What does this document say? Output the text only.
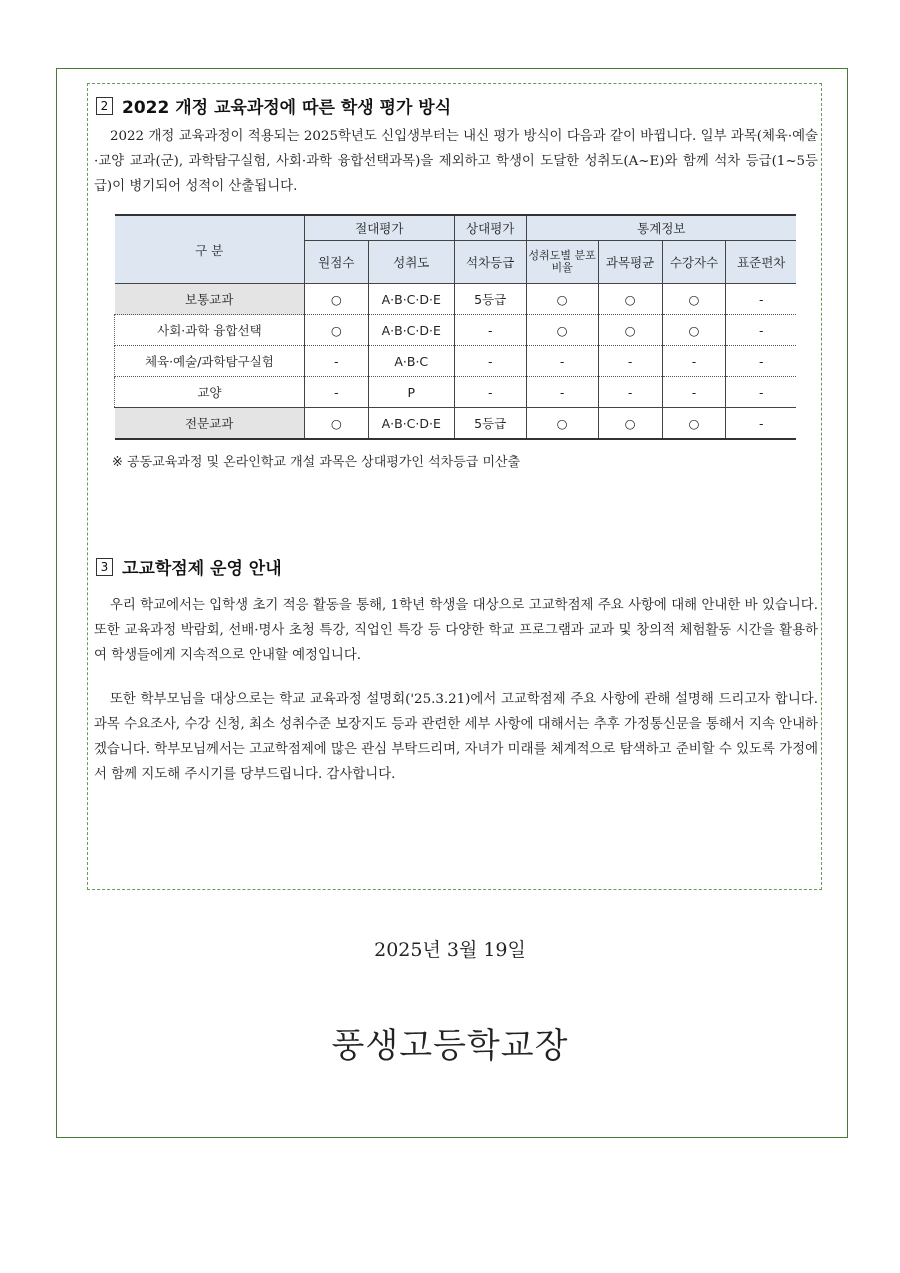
2 2022 개정 교육과정에 따른 학생 평가 방식

2022 개정 교육과정이 적용되는 2025학년도 신입생부터는 내신 평가 방식이 다음과 같이 바뀝니다. 일부 과목(체육·예술·교양 교과(군), 과학탐구실험, 사회·과학 융합선택과목)을 제외하고 학생이 도달한 성취도(A~E)와 함께 석차 등급(1~5등급)이 병기되어 성적이 산출됩니다.

구 분	절대평가		상대평가	통계정보			
	원점수	성취도	석차등급	성취도별 분포비율	과목평균	수강자수	표준편차
보통교과	○	A·B·C·D·E	5등급	○	○	○	-
사회·과학 융합선택	○	A·B·C·D·E	-	○	○	○	-
체육·예술/과학탐구실험	-	A·B·C	-	-	-	-	-
교양	-	P	-	-	-	-	-
전문교과	○	A·B·C·D·E	5등급	○	○	○	-
※ 공동교육과정 및 온라인학교 개설 과목은 상대평가인 석차등급 미산출
3 고교학점제 운영 안내

우리 학교에서는 입학생 초기 적응 활동을 통해, 1학년 학생을 대상으로 고교학점제 주요 사항에 대해 안내한 바 있습니다. 또한 교육과정 박람회, 선배·명사 초청 특강, 직업인 특강 등 다양한 학교 프로그램과 교과 및 창의적 체험활동 시간을 활용하여 학생들에게 지속적으로 안내할 예정입니다.

또한 학부모님을 대상으로는 학교 교육과정 설명회('25.3.21)에서 고교학점제 주요 사항에 관해 설명해 드리고자 합니다. 과목 수요조사, 수강 신청, 최소 성취수준 보장지도 등과 관련한 세부 사항에 대해서는 추후 가정통신문을 통해서 지속 안내하겠습니다. 학부모님께서는 고교학점제에 많은 관심 부탁드리며, 자녀가 미래를 체계적으로 탐색하고 준비할 수 있도록 가정에서 함께 지도해 주시기를 당부드립니다. 감사합니다.

2025년 3월 19일
풍생고등학교장
